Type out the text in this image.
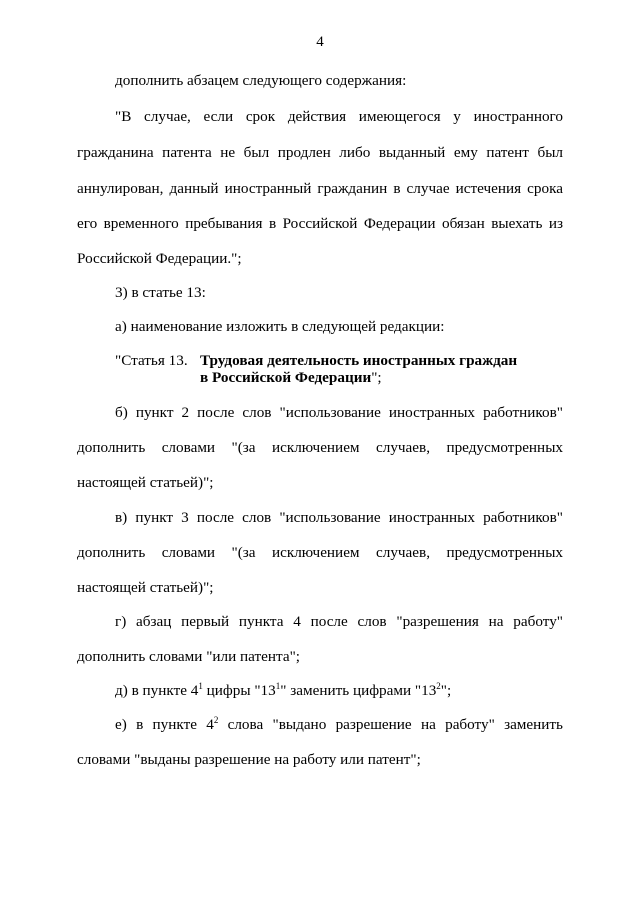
4
дополнить абзацем следующего содержания:
"В случае, если срок действия имеющегося у иностранного
гражданина патента не был продлен либо выданный ему патент был
аннулирован, данный иностранный гражданин в случае истечения срока
его временного пребывания в Российской Федерации обязан выехать из
Российской Федерации.";
3) в статье 13:
а) наименование изложить в следующей редакции:
"Статья 13. Трудовая деятельность иностранных граждан
в Российской Федерации";
б) пункт 2 после слов "использование иностранных работников"
дополнить словами "(за исключением случаев, предусмотренных
настоящей статьей)";
в) пункт 3 после слов "использование иностранных работников"
дополнить словами "(за исключением случаев, предусмотренных
настоящей статьей)";
г) абзац первый пункта 4 после слов "разрешения на работу"
дополнить словами "или патента";
д) в пункте $4^1$ цифры "$13^1$" заменить цифрами "$13^2$";
е) в пункте $4^2$ слова "выдано разрешение на работу" заменить
словами "выданы разрешение на работу или патент";
